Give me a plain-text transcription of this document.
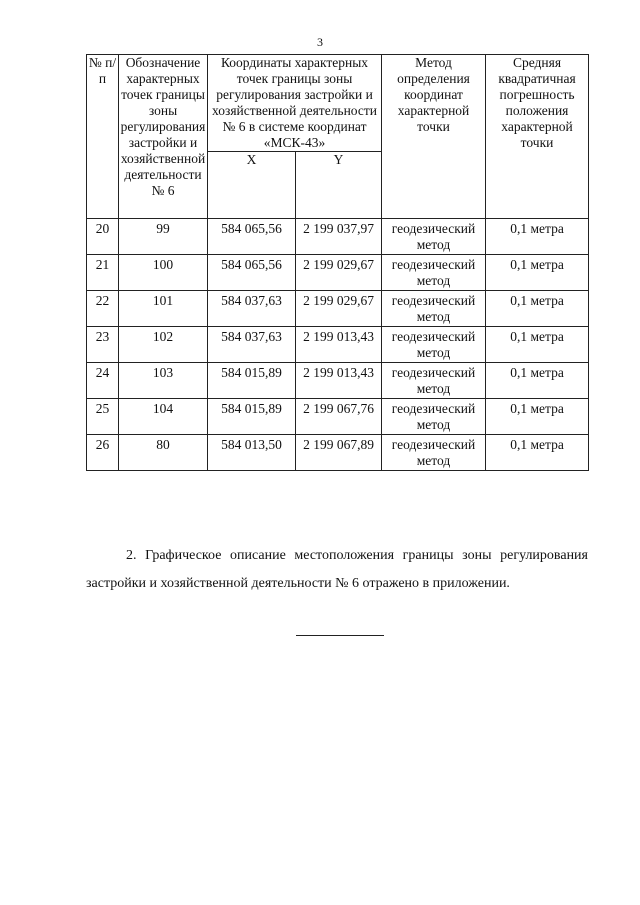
3
№ п/п	Обозначение характерных точек границы зоны регулирования застройки и хозяйственной деятельности № 6	Координаты характерных точек границы зоны регулирования застройки и хозяйственной деятельности № 6 в системе координат «МСК-43»		Метод определения координат характерной точки	Средняя квадратичная погрешность положения характерной точки
		X	Y		
20	99	584 065,56	2 199 037,97	геодезический метод	0,1 метра
21	100	584 065,56	2 199 029,67	геодезический метод	0,1 метра
22	101	584 037,63	2 199 029,67	геодезический метод	0,1 метра
23	102	584 037,63	2 199 013,43	геодезический метод	0,1 метра
24	103	584 015,89	2 199 013,43	геодезический метод	0,1 метра
25	104	584 015,89	2 199 067,76	геодезический метод	0,1 метра
26	80	584 013,50	2 199 067,89	геодезический метод	0,1 метра

2. Графическое описание местоположения границы зоны регулирования застройки и хозяйственной деятельности № 6 отражено в приложении.
